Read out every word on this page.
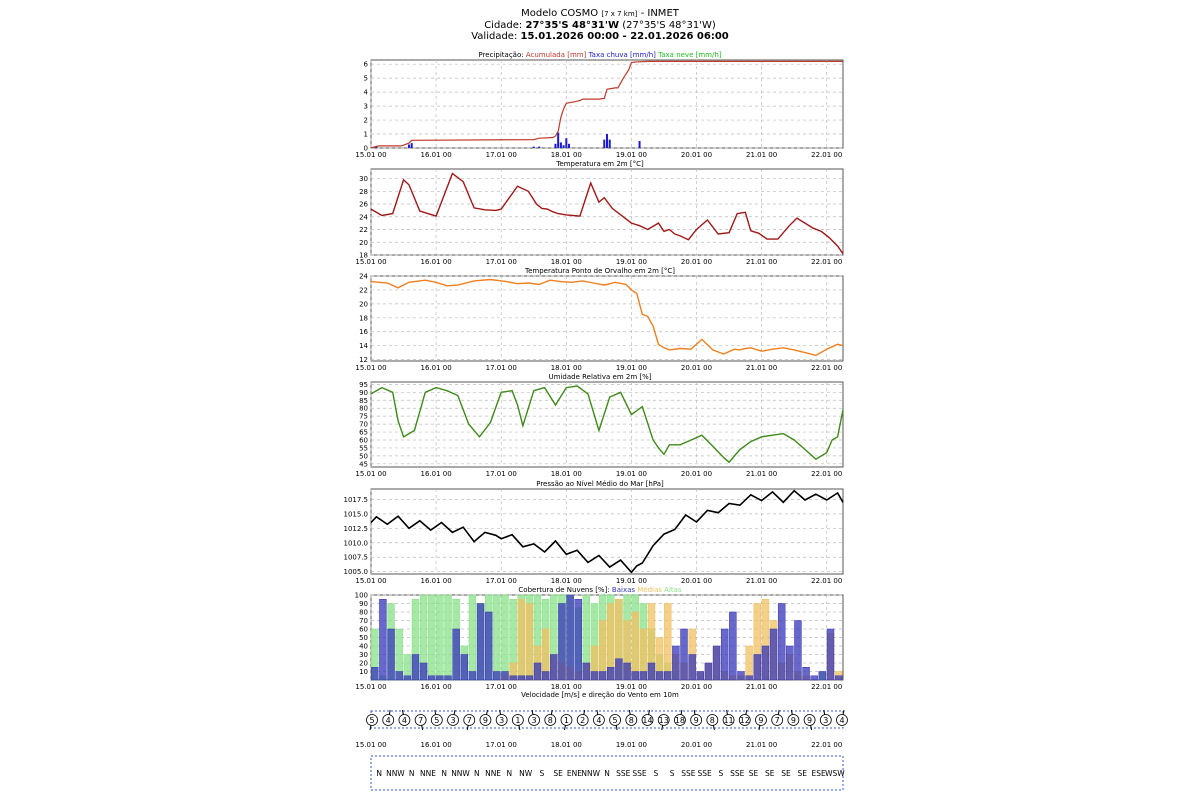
Modelo COSMO [7 x 7 km] - INMET
Cidade: 27°35'S 48°31'W (27°35'S 48°31'W)
Validade: 15.01.2026 00:00 - 22.01.2026 06:00
0
1
2
3
4
5
6
15.01 00	16.01 00	17.01 00	18.01 00	19.01 00	20.01 00	21.01 00	22.01 00
Precipitação: Acumulada [mm] Taxa chuva [mm/h] Taxa neve [mm/h]
18
20
22
24
26
28
30
15.01 00	16.01 00	17.01 00	18.01 00	19.01 00	20.01 00	21.01 00	22.01 00
Temperatura em 2m [°C]
12
14
16
18
20
22
24
15.01 00	16.01 00	17.01 00	18.01 00	19.01 00	20.01 00	21.01 00	22.01 00
Temperatura Ponto de Orvalho em 2m [°C]
45
50
55
60
65
70
75
80
85
90
95
15.01 00	16.01 00	17.01 00	18.01 00	19.01 00	20.01 00	21.01 00	22.01 00
Umidade Relativa em 2m [%]
1005.0
1007.5
1010.0
1012.5
1015.0
1017.5
15.01 00	16.01 00	17.01 00	18.01 00	19.01 00	20.01 00	21.01 00	22.01 00
Pressão ao Nível Médio do Mar [hPa]
10
20
30
40
50
60
70
80
90
100
15.01 00	16.01 00	17.01 00	18.01 00	19.01 00	20.01 00	21.01 00	22.01 00
Cobertura de Nuvens [%]: Baixas Médias Altas
Velocidade [m/s] e direção do Vento em 10m
5 4 4 7 5 3 7 9 3 1 3 8 1 2 4 5 8 14 13 18 9 8 11 12 9 7 9 9 3 4
15.01 00	16.01 00	17.01 00	18.01 00	19.01 00	20.01 00	21.01 00	22.01 00
N NNW N NNE N NNW N NNE N NW S SE ENE NNW N SSE SSE S S SSE SSE S SSE SE SE SE SE ESE WSW
